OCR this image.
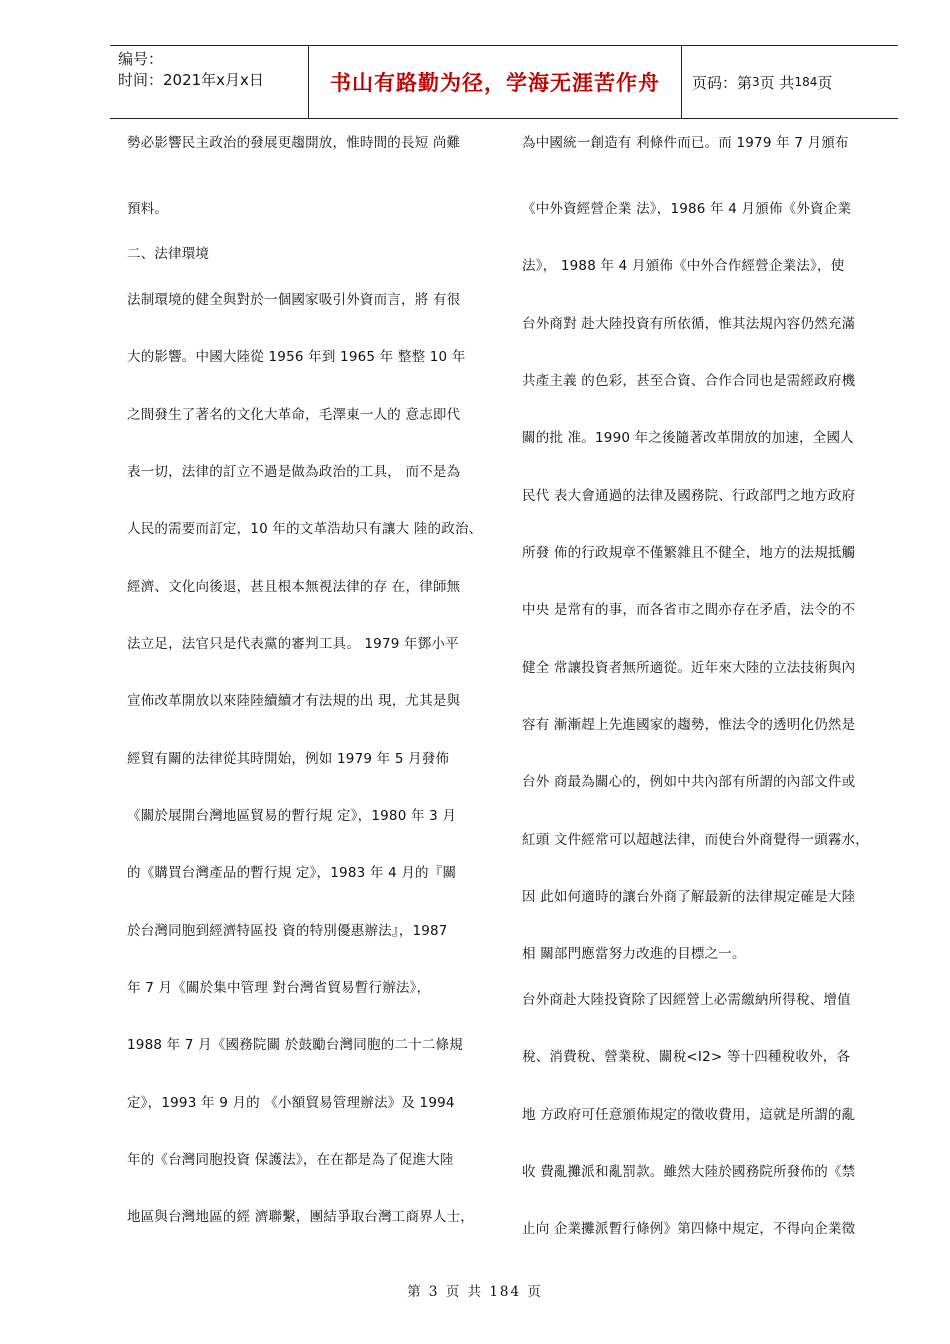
编号：
时间：2021年x月x日	书山有路勤为径，学海无涯苦作舟	页码：第 3 页 共 184 页
勢必影響民主政治的發展更趨開放，惟時間的長短 尚難
預料。
二、法律環境
法制環境的健全與對於一個國家吸引外資而言，將 有很
大的影響。中國大陸從 1956 年到 1965 年 整整 10 年
之間發生了著名的文化大革命，毛澤東一人的 意志即代
表一切，法律的訂立不過是做為政治的工具， 而不是為
人民的需要而訂定，10 年的文革浩劫只有讓大 陸的政治、
經濟、文化向後退，甚且根本無視法律的存 在，律師無
法立足，法官只是代表黨的審判工具。 1979 年鄧小平
宣佈改革開放以來陸陸續續才有法規的出 現，尤其是與
經貿有關的法律從其時開始，例如 1979 年 5 月發佈
《關於展開台灣地區貿易的暫行規 定》，1980 年 3 月
的《購買台灣產品的暫行規 定》，1983 年 4 月的『關
於台灣同胞到經濟特區投 資的特別優惠辦法』，1987
年 7 月《關於集中管理 對台灣省貿易暫行辦法》，
1988 年 7 月《國務院關 於鼓勵台灣同胞的二十二條規
定》，1993 年 9 月的 《小額貿易管理辦法》及 1994
年的《台灣同胞投資 保護法》，在在都是為了促進大陸
地區與台灣地區的經 濟聯繫，團結爭取台灣工商界人士，
為中國統一創造有 利條件而已。而 1979 年 7 月頒布
《中外資經營企業 法》，1986 年 4 月頒佈《外資企業
法》， 1988 年 4 月頒佈《中外合作經營企業法》，使
台外商對 赴大陸投資有所依循，惟其法規內容仍然充滿
共產主義 的色彩，甚至合資、合作合同也是需經政府機
關的批 准。1990 年之後隨著改革開放的加速，全國人
民代 表大會通過的法律及國務院、行政部門之地方政府
所發 佈的行政規章不僅繁雜且不健全，地方的法規抵觸
中央 是常有的事，而各省市之間亦存在矛盾，法令的不
健全 常讓投資者無所適從。近年來大陸的立法技術與內
容有 漸漸趕上先進國家的趨勢，惟法令的透明化仍然是
台外 商最為關心的，例如中共內部有所謂的內部文件或
紅頭 文件經常可以超越法律，而使台外商覺得一頭霧水，
因 此如何適時的讓台外商了解最新的法律規定確是大陸
相 關部門應當努力改進的目標之一。
台外商赴大陸投資除了因經營上必需繳納所得稅、增值
稅、消費稅、營業稅、關稅<I2> 等十四種稅收外，各
地 方政府可任意頒佈規定的徵收費用，這就是所謂的亂
收 費亂攤派和亂罰款。雖然大陸於國務院所發佈的《禁
止向 企業攤派暫行條例》第四條中規定，不得向企業徵
第 3 页 共 184 页
